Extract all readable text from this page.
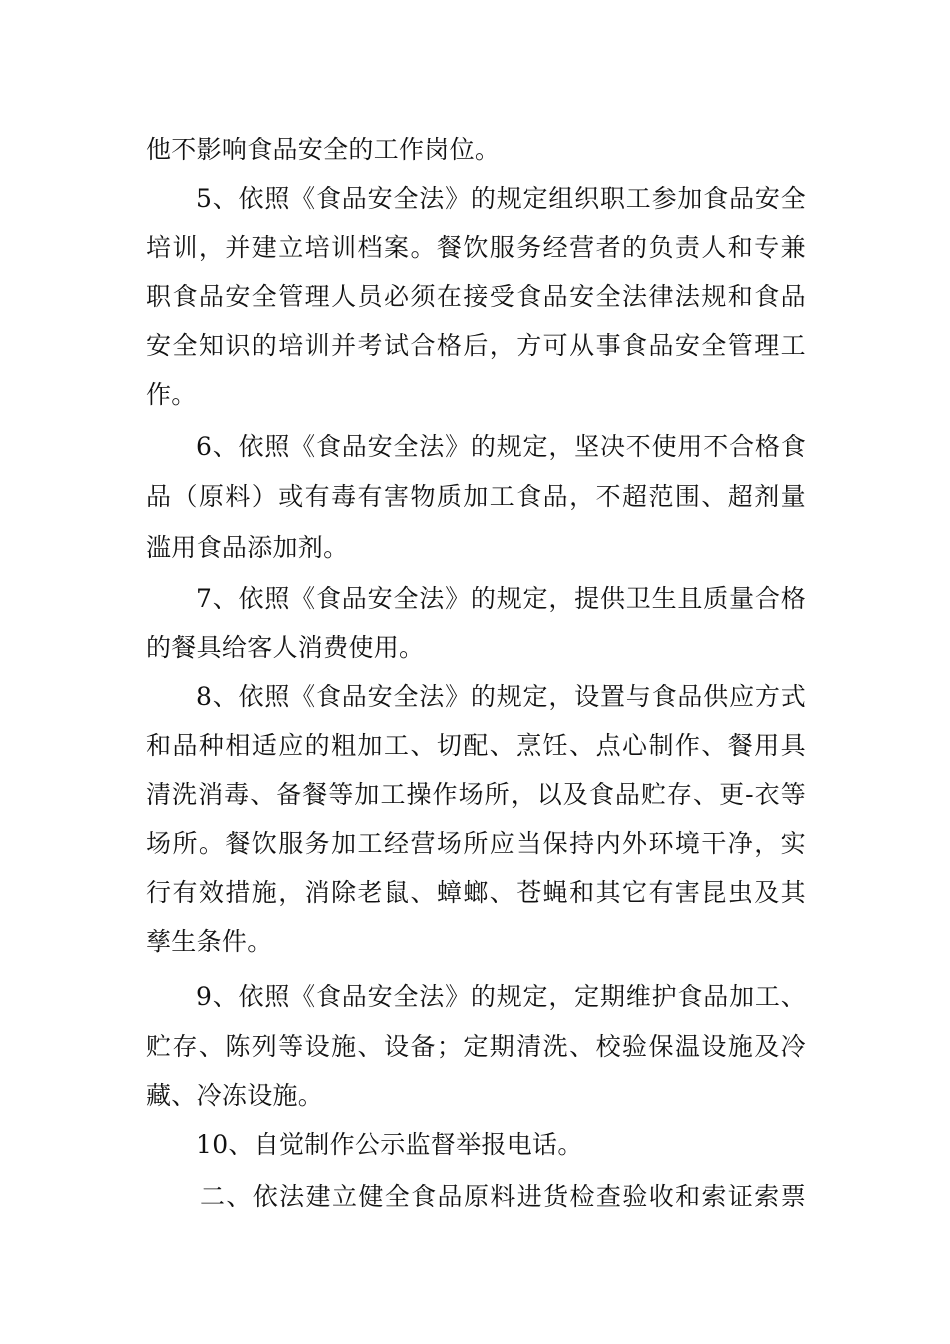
他不影响食品安全的工作岗位。
5、依照《食品安全法》的规定组织职工参加食品安全
培训，并建立培训档案。餐饮服务经营者的负责人和专兼
职食品安全管理人员必须在接受食品安全法律法规和食品
安全知识的培训并考试合格后，方可从事食品安全管理工
作。
6、依照《食品安全法》的规定，坚决不使用不合格食
品（原料）或有毒有害物质加工食品，不超范围、超剂量
滥用食品添加剂。
7、依照《食品安全法》的规定，提供卫生且质量合格
的餐具给客人消费使用。
8、依照《食品安全法》的规定，设置与食品供应方式
和品种相适应的粗加工、切配、烹饪、点心制作、餐用具
清洗消毒、备餐等加工操作场所，以及食品贮存、更-衣等
场所。餐饮服务加工经营场所应当保持内外环境干净，实
行有效措施，消除老鼠、蟑螂、苍蝇和其它有害昆虫及其
孳生条件。
9、依照《食品安全法》的规定，定期维护食品加工、
贮存、陈列等设施、设备；定期清洗、校验保温设施及冷
藏、冷冻设施。
10、自觉制作公示监督举报电话。
二、依法建立健全食品原料进货检查验收和索证索票
